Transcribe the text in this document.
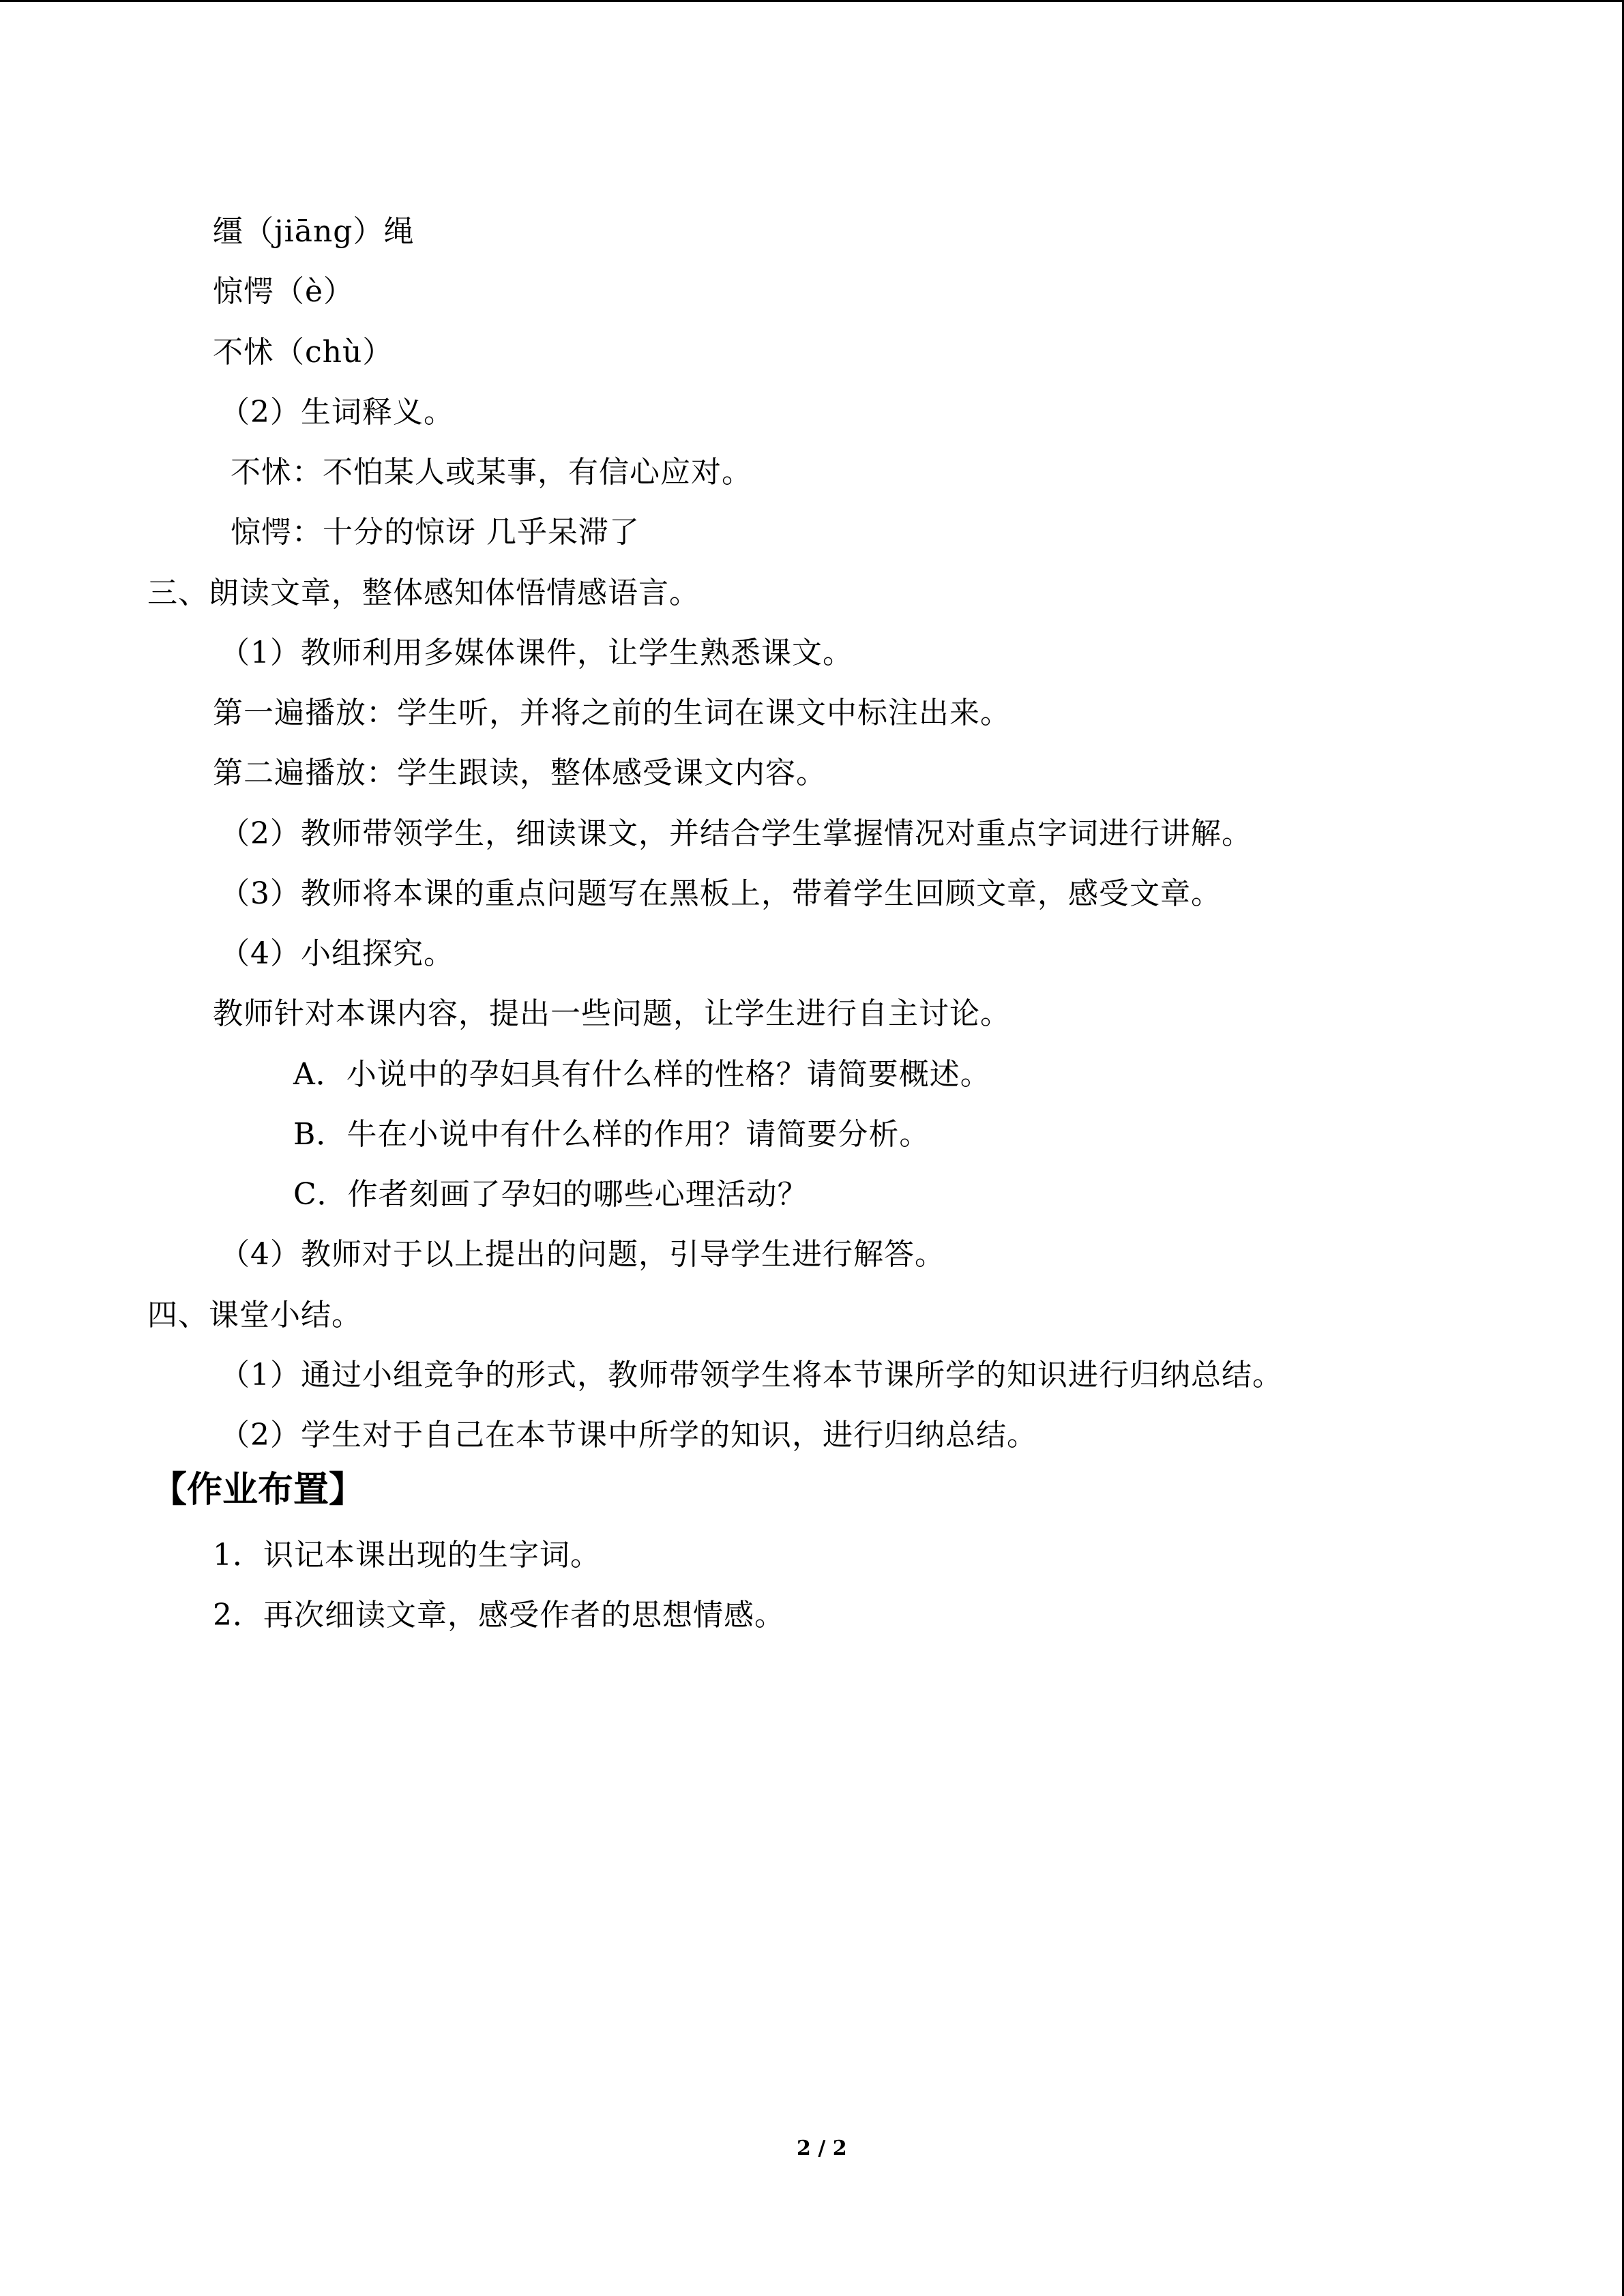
缰（jiāng）绳
惊愕（è）
不怵（chù）
（2）生词释义。
不怵：不怕某人或某事，有信心应对。
惊愕：十分的惊讶 几乎呆滞了
三、朗读文章，整体感知体悟情感语言。
（1）教师利用多媒体课件，让学生熟悉课文。
第一遍播放：学生听，并将之前的生词在课文中标注出来。
第二遍播放：学生跟读，整体感受课文内容。
（2）教师带领学生，细读课文，并结合学生掌握情况对重点字词进行讲解。
（3）教师将本课的重点问题写在黑板上，带着学生回顾文章，感受文章。
（4）小组探究。
教师针对本课内容，提出一些问题，让学生进行自主讨论。
A．小说中的孕妇具有什么样的性格？请简要概述。
B．牛在小说中有什么样的作用？请简要分析。
C．作者刻画了孕妇的哪些心理活动？
（4）教师对于以上提出的问题，引导学生进行解答。
四、课堂小结。
（1）通过小组竞争的形式，教师带领学生将本节课所学的知识进行归纳总结。
（2）学生对于自己在本节课中所学的知识，进行归纳总结。
【作业布置】
1．识记本课出现的生字词。
2．再次细读文章，感受作者的思想情感。
2 / 2
